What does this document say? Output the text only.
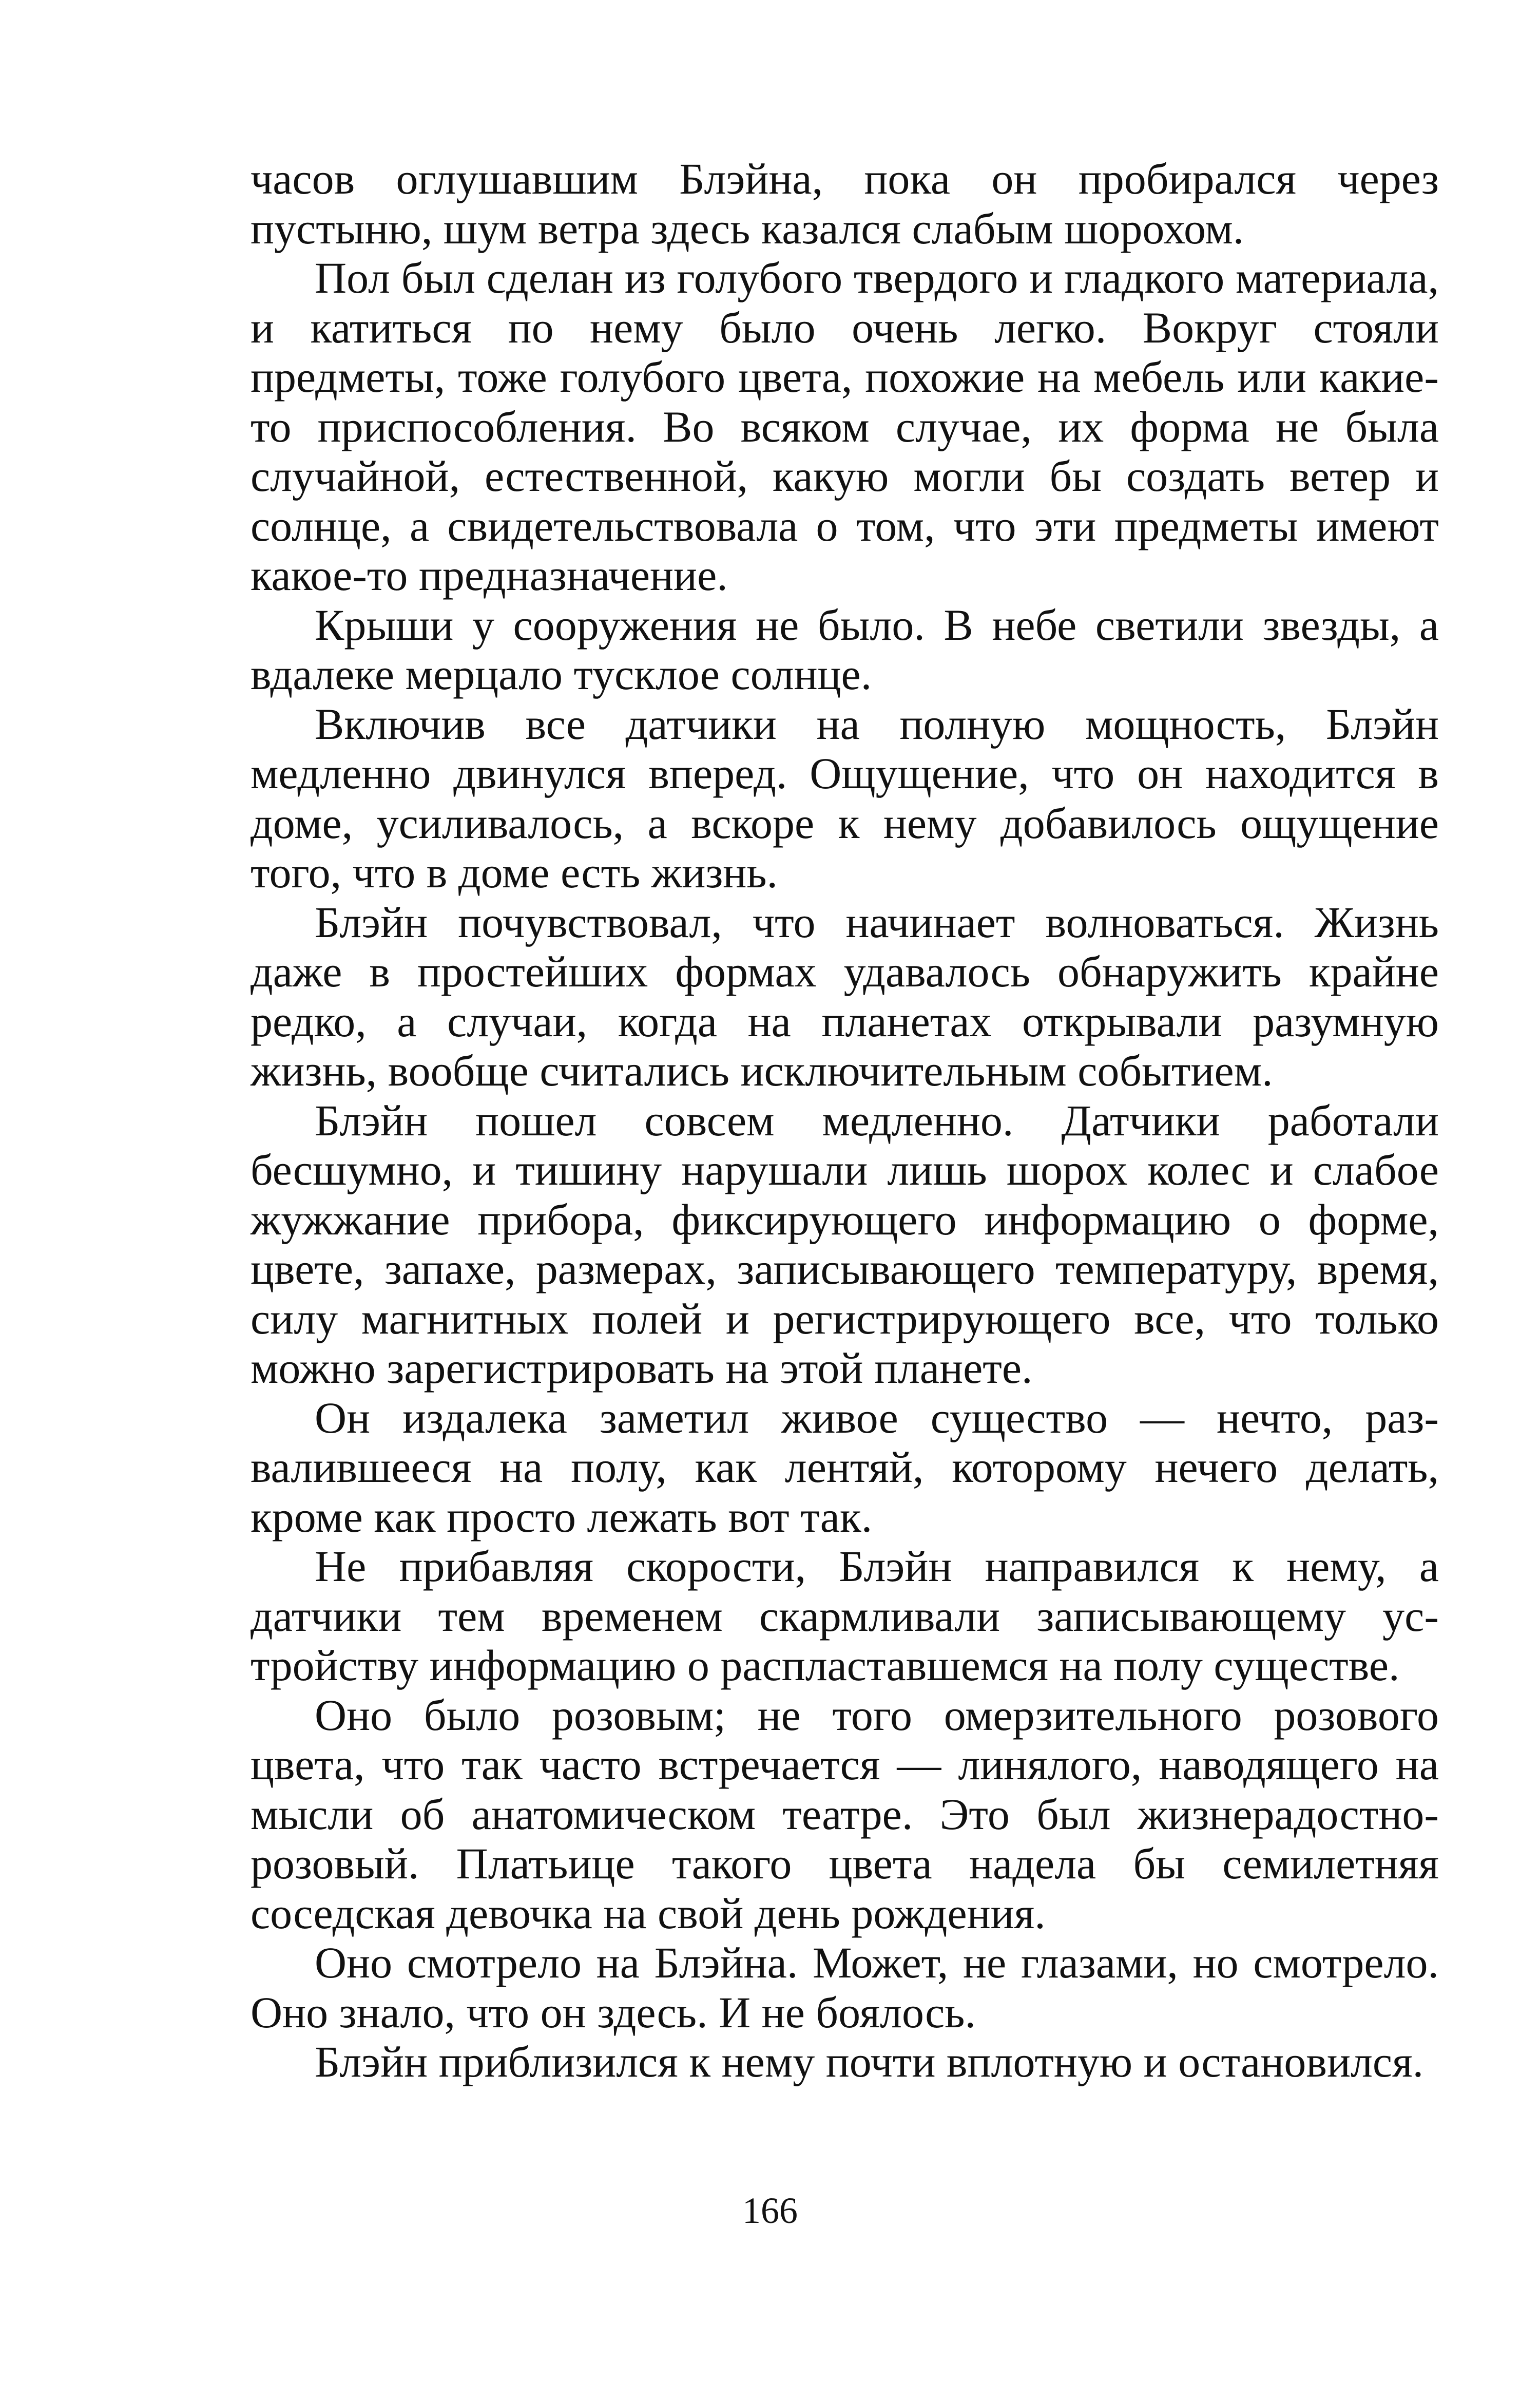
часов оглушавшим Блэйна, пока он пробирался через пустыню, шум ветра здесь казался слабым шорохом.

Пол был сделан из голубого твердого и гладкого материала, и катиться по нему было очень легко. Вокруг стояли предметы, тоже голубого цвета, похожие на мебель или какие-то приспособления. Во всяком случае, их форма не была случайной, естественной, какую могли бы создать ветер и солнце, а свидетельствовала о том, что эти предметы имеют какое-то предназначение.

Крыши у сооружения не было. В небе светили звезды, а вдалеке мерцало тусклое солнце.

Включив все датчики на полную мощность, Блэйн медленно двинулся вперед. Ощущение, что он находится в доме, усиливалось, а вскоре к нему добавилось ощущение того, что в доме есть жизнь.

Блэйн почувствовал, что начинает волноваться. Жизнь даже в простейших формах удавалось обнаружить крайне редко, а случаи, когда на планетах открывали разумную жизнь, вообще считались исключительным событием.

Блэйн пошел совсем медленно. Датчики работали бесшумно, и тишину нарушали лишь шорох колес и слабое жужжание прибора, фиксирующего информацию о форме, цвете, запахе, размерах, записывающего температуру, время, силу магнитных полей и регистрирующего все, что только можно зарегистрировать на этой планете.

Он издалека заметил живое существо — нечто, развалившееся на полу, как лентяй, которому нечего делать, кроме как просто лежать вот так.

Не прибавляя скорости, Блэйн направился к нему, а датчики тем временем скармливали записывающему устройству информацию о распластавшемся на полу существе.

Оно было розовым; не того омерзительного розового цвета, что так часто встречается — линялого, наводящего на мысли об анатомическом театре. Это был жизнерадостно-розовый. Платьице такого цвета надела бы семилетняя соседская девочка на свой день рождения.

Оно смотрело на Блэйна. Может, не глазами, но смотрело. Оно знало, что он здесь. И не боялось.

Блэйн приблизился к нему почти вплотную и остановился.

166
